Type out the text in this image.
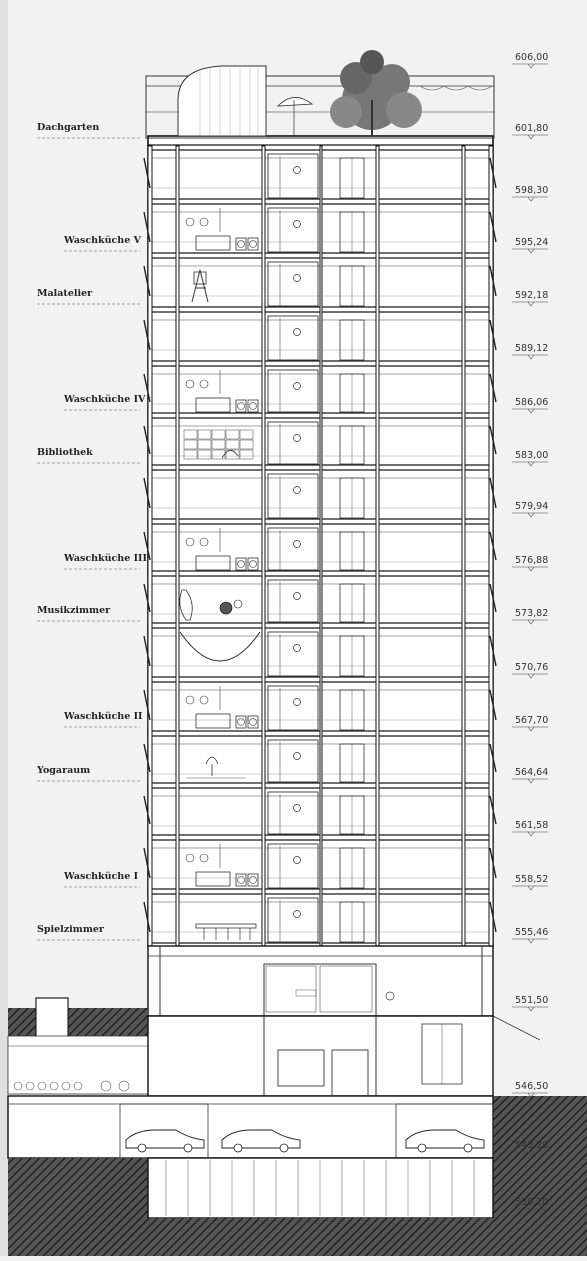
Dachgarten
Waschküche V
Malatelier
Waschküche IV
Bibliothek
Waschküche III
Musikzimmer
Waschküche II
Yogaraum
Waschküche I
Spielzimmer
606,00
601,80
598,30
595,24
592,18
589,12
586,06
583,00
579,94
576,88
573,82
570,76
567,70
564,64
561,58
558,52
555,46
551,50
546,50
543,20
539,20
